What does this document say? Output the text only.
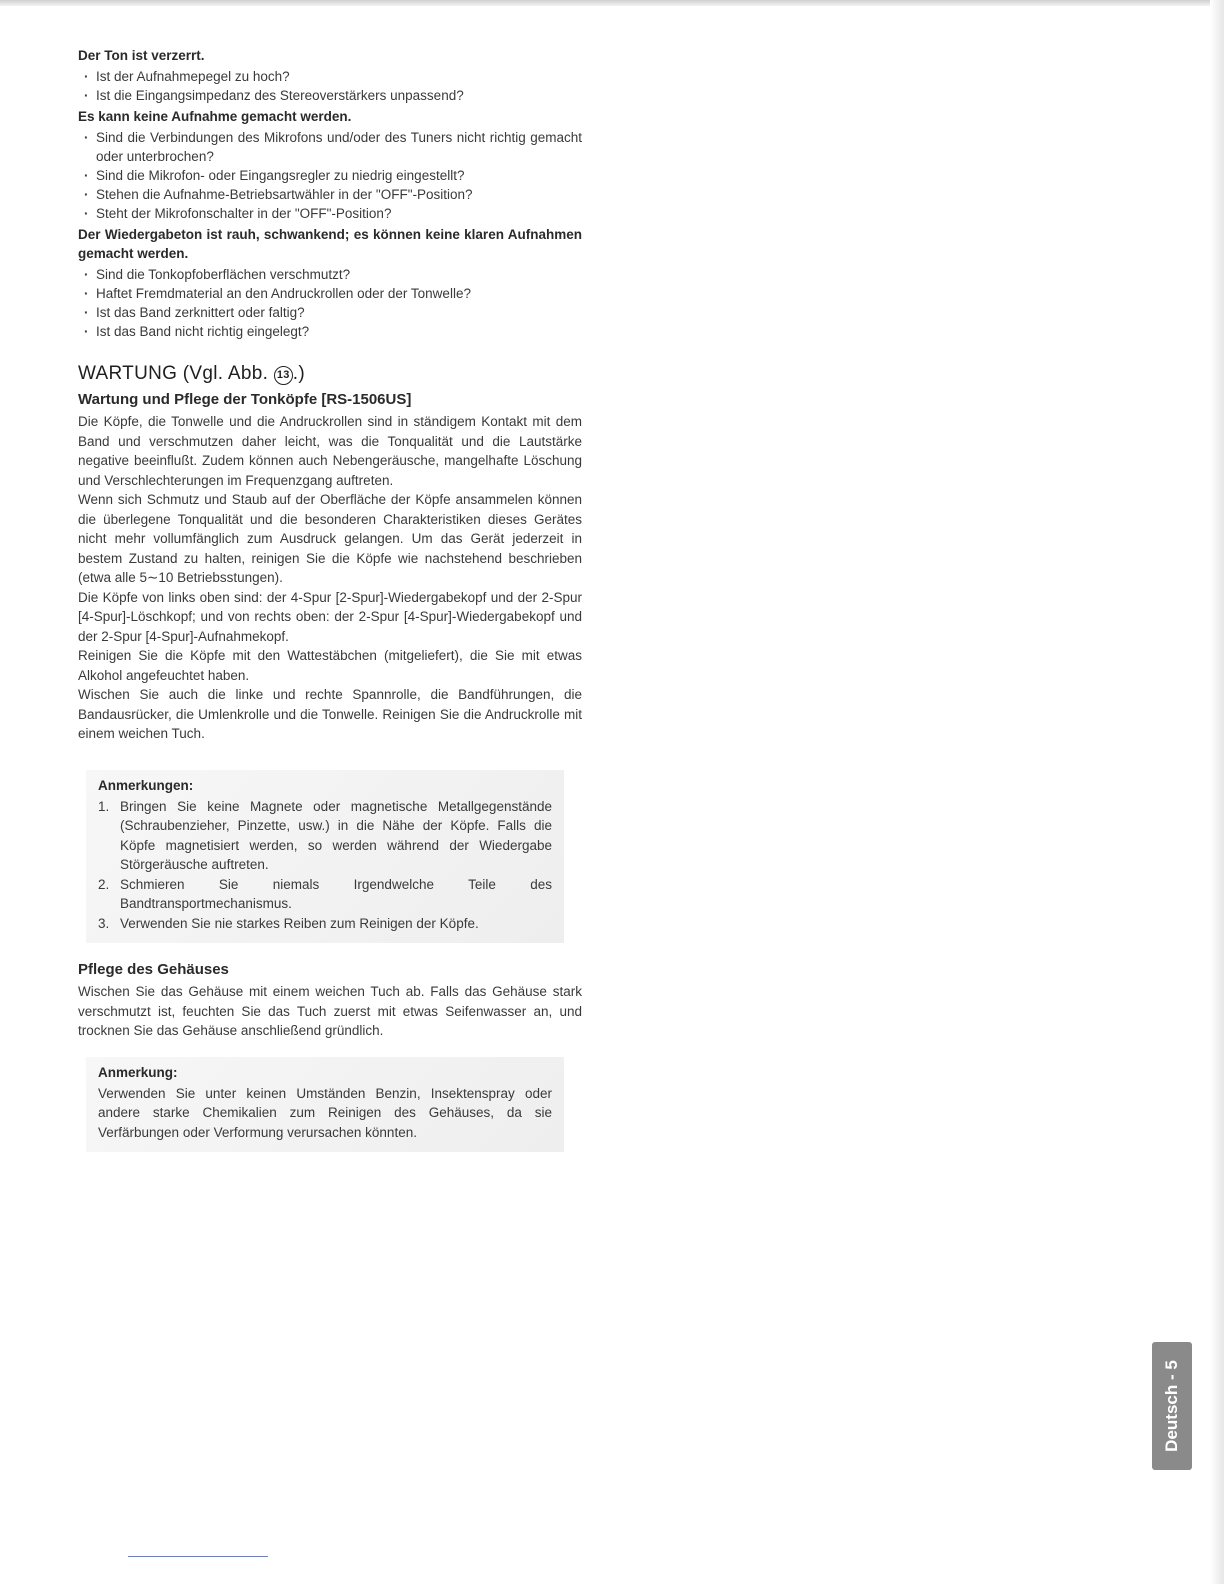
Der Ton ist verzerrt.
· Ist der Aufnahmepegel zu hoch?
· Ist die Eingangsimpedanz des Stereoverstärkers unpassend?
Es kann keine Aufnahme gemacht werden.
· Sind die Verbindungen des Mikrofons und/oder des Tuners nicht richtig gemacht oder unterbrochen?
· Sind die Mikrofon- oder Eingangsregler zu niedrig eingestellt?
· Stehen die Aufnahme-Betriebsartwähler in der "OFF"-Position?
· Steht der Mikrofonschalter in der "OFF"-Position?
Der Wiedergabeton ist rauh, schwankend; es können keine klaren Aufnahmen gemacht werden.
· Sind die Tonkopfoberflächen verschmutzt?
· Haftet Fremdmaterial an den Andruckrollen oder der Tonwelle?
· Ist das Band zerknittert oder faltig?
· Ist das Band nicht richtig eingelegt?
WARTUNG (Vgl. Abb. 13 .)
Wartung und Pflege der Tonköpfe [RS-1506US]

Die Köpfe, die Tonwelle und die Andruckrollen sind in ständigem Kontakt mit dem Band und verschmutzen daher leicht, was die Tonqualität und die Lautstärke negative beeinflußt. Zudem können auch Nebengeräusche, mangelhafte Löschung und Verschlechterungen im Frequenzgang auftreten.

Wenn sich Schmutz und Staub auf der Oberfläche der Köpfe ansammelen können die überlegene Tonqualität und die besonderen Charakteristiken dieses Gerätes nicht mehr vollumfänglich zum Ausdruck gelangen. Um das Gerät jederzeit in bestem Zustand zu halten, reinigen Sie die Köpfe wie nachstehend beschrieben (etwa alle 5∼10 Betriebsstungen).

Die Köpfe von links oben sind: der 4-Spur [2-Spur]-Wiedergabekopf und der 2-Spur [4-Spur]-Löschkopf; und von rechts oben: der 2-Spur [4-Spur]-Wiedergabekopf und der 2-Spur [4-Spur]-Aufnahmekopf.

Reinigen Sie die Köpfe mit den Wattestäbchen (mitgeliefert), die Sie mit etwas Alkohol angefeuchtet haben.

Wischen Sie auch die linke und rechte Spannrolle, die Bandführungen, die Bandausrücker, die Umlenkrolle und die Tonwelle. Reinigen Sie die Andruckrolle mit einem weichen Tuch.

Anmerkungen:
1. Bringen Sie keine Magnete oder magnetische Metallgegenstände (Schraubenzieher, Pinzette, usw.) in die Nähe der Köpfe. Falls die Köpfe magnetisiert werden, so werden während der Wiedergabe Störgeräusche auftreten.
2. Schmieren Sie niemals Irgendwelche Teile des Bandtransportmechanismus.
3. Verwenden Sie nie starkes Reiben zum Reinigen der Köpfe.
Pflege des Gehäuses

Wischen Sie das Gehäuse mit einem weichen Tuch ab. Falls das Gehäuse stark verschmutzt ist, feuchten Sie das Tuch zuerst mit etwas Seifenwasser an, und trocknen Sie das Gehäuse anschließend gründlich.

Anmerkung:

Verwenden Sie unter keinen Umständen Benzin, Insektenspray oder andere starke Chemikalien zum Reinigen des Gehäuses, da sie Verfärbungen oder Verformung verursachen könnten.

Deutsch - 5
